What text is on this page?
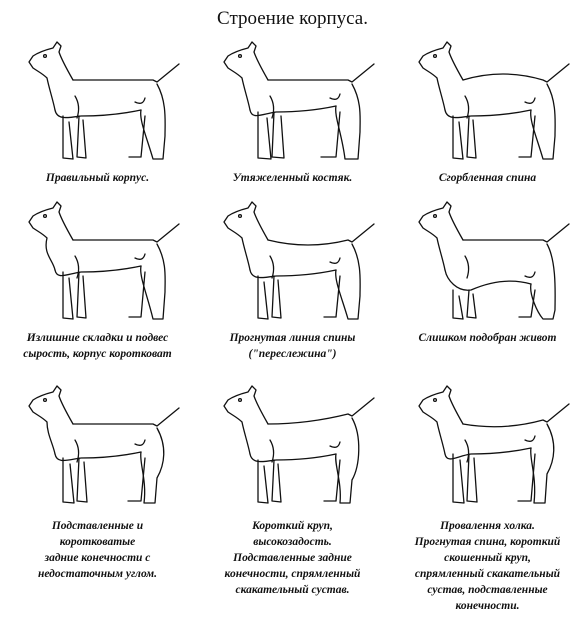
Строение корпуса.
Правильный корпус.	Утяжеленный костяк.	Сгорбленная спина
Излишние складки и подвес
сырость, корпус коротковат
Прогнутая линия спины
("переслежина")
Слишком подобран живот
Подставленные и
коротковатые
задние конечности с
недостаточным углом.
Короткий круп,
высокозадость.
Подставленные задние
конечности, спрямленный
скакательный сустав.
Провалення холка.
Прогнутая спина, короткий
скошенный круп,
спрямленный скакательный
сустав, подставленные
конечности.
